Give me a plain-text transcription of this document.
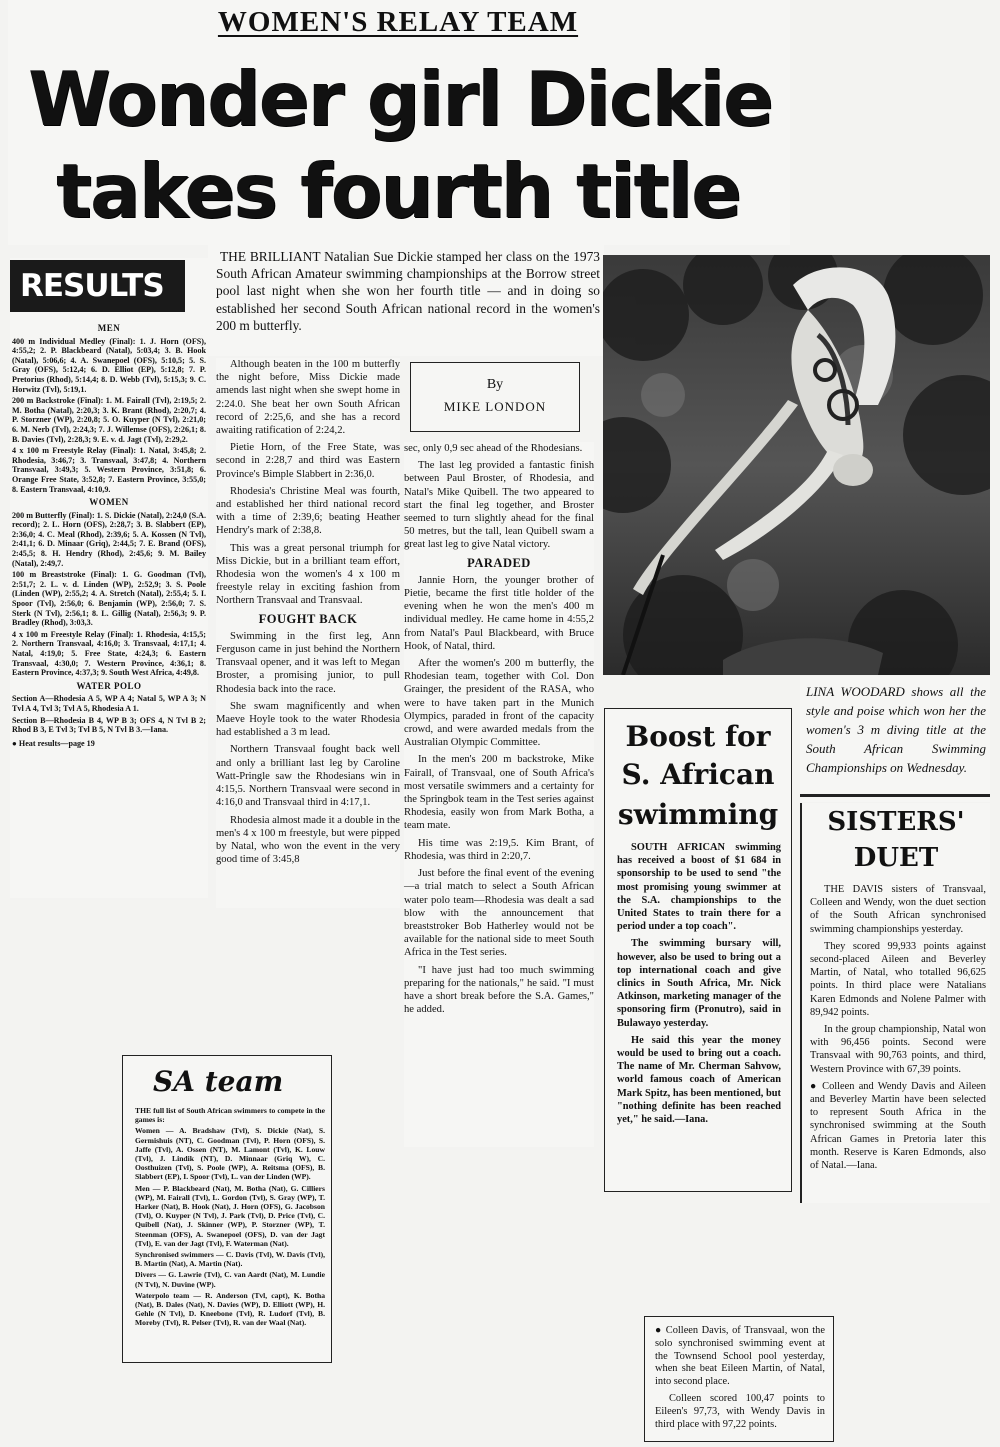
WOMEN'S RELAY TEAM
Wonder girl Dickie
takes fourth title
RESULTS
MEN

400 m Individual Medley (Final): 1. J. Horn (OFS), 4:55,2; 2. P. Blackbeard (Natal), 5:03,4; 3. B. Hook (Natal), 5:06,6; 4. A. Swanepoel (OFS), 5:10,5; 5. S. Gray (OFS), 5:12,4; 6. D. Elliot (EP), 5:12,8; 7. P. Pretorius (Rhod), 5:14,4; 8. D. Webb (Tvl), 5:15,3; 9. C. Horwitz (Tvl), 5:19,1.

200 m Backstroke (Final): 1. M. Fairall (Tvl), 2:19,5; 2. M. Botha (Natal), 2:20,3; 3. K. Brant (Rhod), 2:20,7; 4. P. Storzner (WP), 2:20,8; 5. O. Kuyper (N Tvl), 2:21,0; 6. M. Nerb (Tvl), 2:24,3; 7. J. Willemse (OFS), 2:26,1; 8. B. Davies (Tvl), 2:28,3; 9. E. v. d. Jagt (Tvl), 2:29,2.

4 x 100 m Freestyle Relay (Final): 1. Natal, 3:45,8; 2. Rhodesia, 3:46,7; 3. Transvaal, 3:47,8; 4. Northern Transvaal, 3:49,3; 5. Western Province, 3:51,8; 6. Orange Free State, 3:52,8; 7. Eastern Province, 3:55,0; 8. Eastern Transvaal, 4:10,9.

WOMEN

200 m Butterfly (Final): 1. S. Dickie (Natal), 2:24,0 (S.A. record); 2. L. Horn (OFS), 2:28,7; 3. B. Slabbert (EP), 2:36,0; 4. C. Meal (Rhod), 2:39,6; 5. A. Kossen (N Tvl), 2:41,1; 6. D. Minaar (Griq), 2:44,5; 7. E. Brand (OFS), 2:45,5; 8. H. Hendry (Rhod), 2:45,6; 9. M. Bailey (Natal), 2:49,7.

100 m Breaststroke (Final): 1. G. Goodman (Tvl), 2:51,7; 2. L. v. d. Linden (WP), 2:52,9; 3. S. Poole (Linden (WP), 2:55,2; 4. A. Stretch (Natal), 2:55,4; 5. I. Spoor (Tvl), 2:56,0; 6. Benjamin (WP), 2:56,0; 7. S. Sterk (N Tvl), 2:56,1; 8. L. Gillig (Natal), 2:56,3; 9. P. Bradley (Rhod), 3:03,3.

4 x 100 m Freestyle Relay (Final): 1. Rhodesia, 4:15,5; 2. Northern Transvaal, 4:16,0; 3. Transvaal, 4:17,1; 4. Natal, 4:19,0; 5. Free State, 4:24,3; 6. Eastern Transvaal, 4:30,0; 7. Western Province, 4:36,1; 8. Eastern Province, 4:37,3; 9. South West Africa, 4:49,8.

WATER POLO

Section A—Rhodesia A 5, WP A 4; Natal 5, WP A 3; N Tvl A 4, Tvl 3; Tvl A 5, Rhodesia A 1.

Section B—Rhodesia B 4, WP B 3; OFS 4, N Tvl B 2; Rhod B 3, E Tvl 3; Tvl B 5, N Tvl B 3.—Iana.

● Heat results—page 19

THE BRILLIANT Natalian Sue Dickie stamped her class on the 1973 South African Amateur swimming championships at the Borrow street pool last night when she won her fourth title — and in doing so established her second South African national record in the women's 200 m butterfly.

Although beaten in the 100 m butterfly the night before, Miss Dickie made amends last night when she swept home in 2:24.0. She beat her own South African record of 2:25,6, and she has a record awaiting ratification of 2:24,2.

Pietie Horn, of the Free State, was second in 2:28,7 and third was Eastern Province's Bimple Slabbert in 2:36,0.

Rhodesia's Christine Meal was fourth, and established her third national record with a time of 2:39,6; beating Heather Hendry's mark of 2:38,8.

This was a great personal triumph for Miss Dickie, but in a brilliant team effort, Rhodesia won the women's 4 x 100 m freestyle relay in exciting fashion from Northern Transvaal and Transvaal.

FOUGHT BACK

Swimming in the first leg, Ann Ferguson came in just behind the Northern Transvaal opener, and it was left to Megan Broster, a promising junior, to pull Rhodesia back into the race.

She swam magnificently and when Maeve Hoyle took to the water Rhodesia had established a 3 m lead.

Northern Transvaal fought back well and only a brilliant last leg by Caroline Watt-Pringle saw the Rhodesians win in 4:15,5. Northern Transvaal were second in 4:16,0 and Transvaal third in 4:17,1.

Rhodesia almost made it a double in the men's 4 x 100 m freestyle, but were pipped by Natal, who won the event in the very good time of 3:45,8

By
MIKE LONDON

sec, only 0,9 sec ahead of the Rhodesians.

The last leg provided a fantastic finish between Paul Broster, of Rhodesia, and Natal's Mike Quibell. The two appeared to start the final leg together, and Broster seemed to turn slightly ahead for the final 50 metres, but the tall, lean Quibell swam a great last leg to give Natal victory.

PARADED

Jannie Horn, the younger brother of Pietie, became the first title holder of the evening when he won the men's 400 m individual medley. He came home in 4:55,2 from Natal's Paul Blackbeard, with Bruce Hook, of Natal, third.

After the women's 200 m butterfly, the Rhodesian team, together with Col. Don Grainger, the president of the RASA, who were to have taken part in the Munich Olympics, paraded in front of the capacity crowd, and were awarded medals from the Australian Olympic Committee.

In the men's 200 m backstroke, Mike Fairall, of Transvaal, one of South Africa's most versatile swimmers and a certainty for the Springbok team in the Test series against Rhodesia, easily won from Mark Botha, a team mate.

His time was 2:19,5. Kim Brant, of Rhodesia, was third in 2:20,7.

Just before the final event of the evening—a trial match to select a South African water polo team—Rhodesia was dealt a sad blow with the announcement that breaststroker Bob Hatherley would not be available for the national side to meet South Africa in the Test series.

"I have just had too much swimming preparing for the nationals," he said. "I must have a short break before the S.A. Games," he added.

LINA WOODARD shows all the style and poise which won her the women's 3 m diving title at the South African Swimming Championships on Wednesday.
Boost for
S. African
swimming

SOUTH AFRICAN swimming has received a boost of $1 684 in sponsorship to be used to send "the most promising young swimmer at the S.A. championships to the United States to train there for a period under a top coach".

The swimming bursary will, however, also be used to bring out a top international coach and give clinics in South Africa, Mr. Nick Atkinson, marketing manager of the sponsoring firm (Pronutro), said in Bulawayo yesterday.

He said this year the money would be used to bring out a coach. The name of Mr. Cherman Sahvow, world famous coach of American Mark Spitz, has been mentioned, but "nothing definite has been reached yet," he said.—Iana.

SISTERS'
DUET

THE DAVIS sisters of Transvaal, Colleen and Wendy, won the duet section of the South African synchronised swimming championships yesterday.

They scored 99,933 points against second-placed Aileen and Beverley Martin, of Natal, who totalled 96,625 points. In third place were Natalians Karen Edmonds and Nolene Palmer with 89,942 points.

In the group championship, Natal won with 96,456 points. Second were Transvaal with 90,763 points, and third, Western Province with 67,39 points.

● Colleen and Wendy Davis and Aileen and Beverley Martin have been selected to represent South Africa in the synchronised swimming at the South African Games in Pretoria later this month. Reserve is Karen Edmonds, also of Natal.—Iana.

SA team

THE full list of South African swimmers to compete in the games is:

Women — A. Bradshaw (Tvl), S. Dickie (Nat), S. Germishuis (NT), C. Goodman (Tvl), P. Horn (OFS), S. Jaffe (Tvl), A. Ossen (NT), M. Lamont (Tvl), K. Louw (Tvl), J. Lindik (NT), D. Minnaar (Griq W), C. Oosthuizen (Tvl), S. Poole (WP), A. Reitsma (OFS), B. Slabbert (EP), I. Spoor (Tvl), L. van der Linden (WP).

Men — P. Blackbeard (Nat), M. Botha (Nat), G. Cilliers (WP), M. Fairall (Tvl), L. Gordon (Tvl), S. Gray (WP), T. Harker (Nat), B. Hook (Nat), J. Horn (OFS), G. Jacobson (Tvl), O. Kuyper (N Tvl), J. Park (Tvl), D. Price (Tvl), C. Quibell (Nat), J. Skinner (WP), P. Storzner (WP), T. Steenman (OFS), A. Swanepoel (OFS), D. van der Jagt (Tvl), E. van der Jagt (Tvl), F. Waterman (Nat).

Synchronised swimmers — C. Davis (Tvl), W. Davis (Tvl), B. Martin (Nat), A. Martin (Nat).

Divers — G. Lawrie (Tvl), C. van Aardt (Nat), M. Lundie (N Tvl), N. Duvine (WP).

Waterpolo team — R. Anderson (Tvl, capt), K. Botha (Nat), B. Dales (Nat), N. Davies (WP), D. Elliott (WP), H. Gehle (N Tvl), D. Kneebone (Tvl), R. Ludorf (Tvl), B. Moreby (Tvl), R. Pelser (Tvl), R. van der Waal (Nat).

● Colleen Davis, of Transvaal, won the solo synchronised swimming event at the Townsend School pool yesterday, when she beat Eileen Martin, of Natal, into second place.

Colleen scored 100,47 points to Eileen's 97,73, with Wendy Davis in third place with 97,22 points.
